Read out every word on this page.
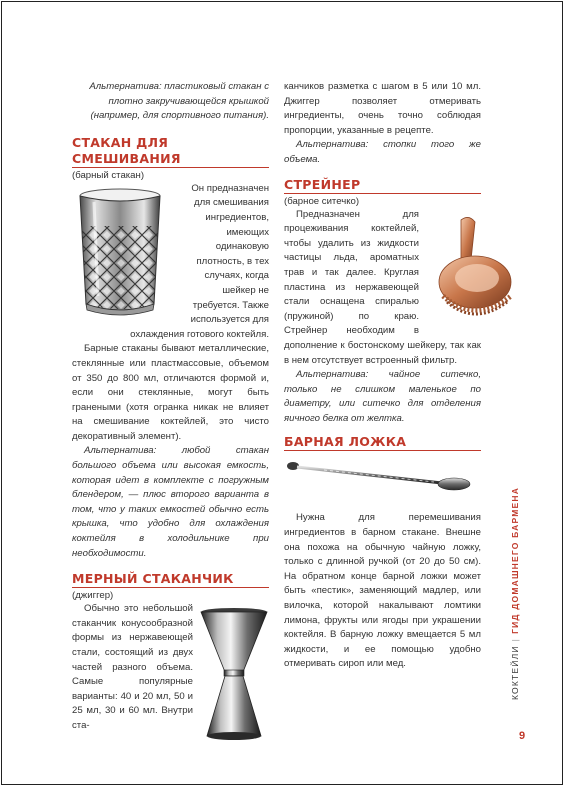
Альтернатива: пластиковый стакан с плотно закручивающейся крышкой (например, для спортивного питания).

СТАКАН ДЛЯ СМЕШИВАНИЯ

(барный стакан)

Он предназначен для смешивания ингредиентов, имеющих одинаковую плотность, в тех случаях, когда шейкер не требуется. Также используется для охлаждения готового коктейля.

Барные стаканы бывают металлические, стеклянные или пластмассовые, объемом от 350 до 800 мл, отличаются формой и, если они стеклянные, могут быть гранеными (хотя огранка никак не влияет на смешивание коктейлей, это чисто декоративный элемент).

Альтернатива: любой стакан большого объема или высокая емкость, которая идет в комплекте с погружным блендером, — плюс второго варианта в том, что у таких емкостей обычно есть крышка, что удобно для охлаждения коктейля в холодильнике при необходимости.

МЕРНЫЙ СТАКАНЧИК

(джиггер)

Обычно это небольшой стаканчик конусообразной формы из нержавеющей стали, состоящий из двух частей разного объема. Самые популярные варианты: 40 и 20 мл, 50 и 25 мл, 30 и 60 мл. Внутри ста-

канчиков разметка с шагом в 5 или 10 мл. Джиггер позволяет отмеривать ингредиенты, очень точно соблюдая пропорции, указанные в рецепте.

Альтернатива: стопки того же объема.

СТРЕЙНЕР

(барное ситечко)

Предназначен для процеживания коктейлей, чтобы удалить из жидкости частицы льда, ароматных трав и так далее. Круглая пластина из нержавеющей стали оснащена спиралью (пружиной) по краю. Стрейнер необходим в дополнение к бостонскому шейкеру, так как в нем отсутствует встроенный фильтр.

Альтернатива: чайное ситечко, только не слишком маленькое по диаметру, или ситечко для отделения яичного белка от желтка.

БАРНАЯ ЛОЖКА

Нужна для перемешивания ингредиентов в барном стакане. Внешне она похожа на обычную чайную ложку, только с длинной ручкой (от 20 до 50 см). На обратном конце барной ложки может быть «пестик», заменяющий мадлер, или вилочка, которой накалывают ломтики лимона, фрукты или ягоды при украшении коктейля. В барную ложку вмещается 5 мл жидкости, и ее помощью удобно отмеривать сироп или мед.	КОКТЕЙЛИ|ГИД ДОМАШНЕГО БАРМЕНА
9
